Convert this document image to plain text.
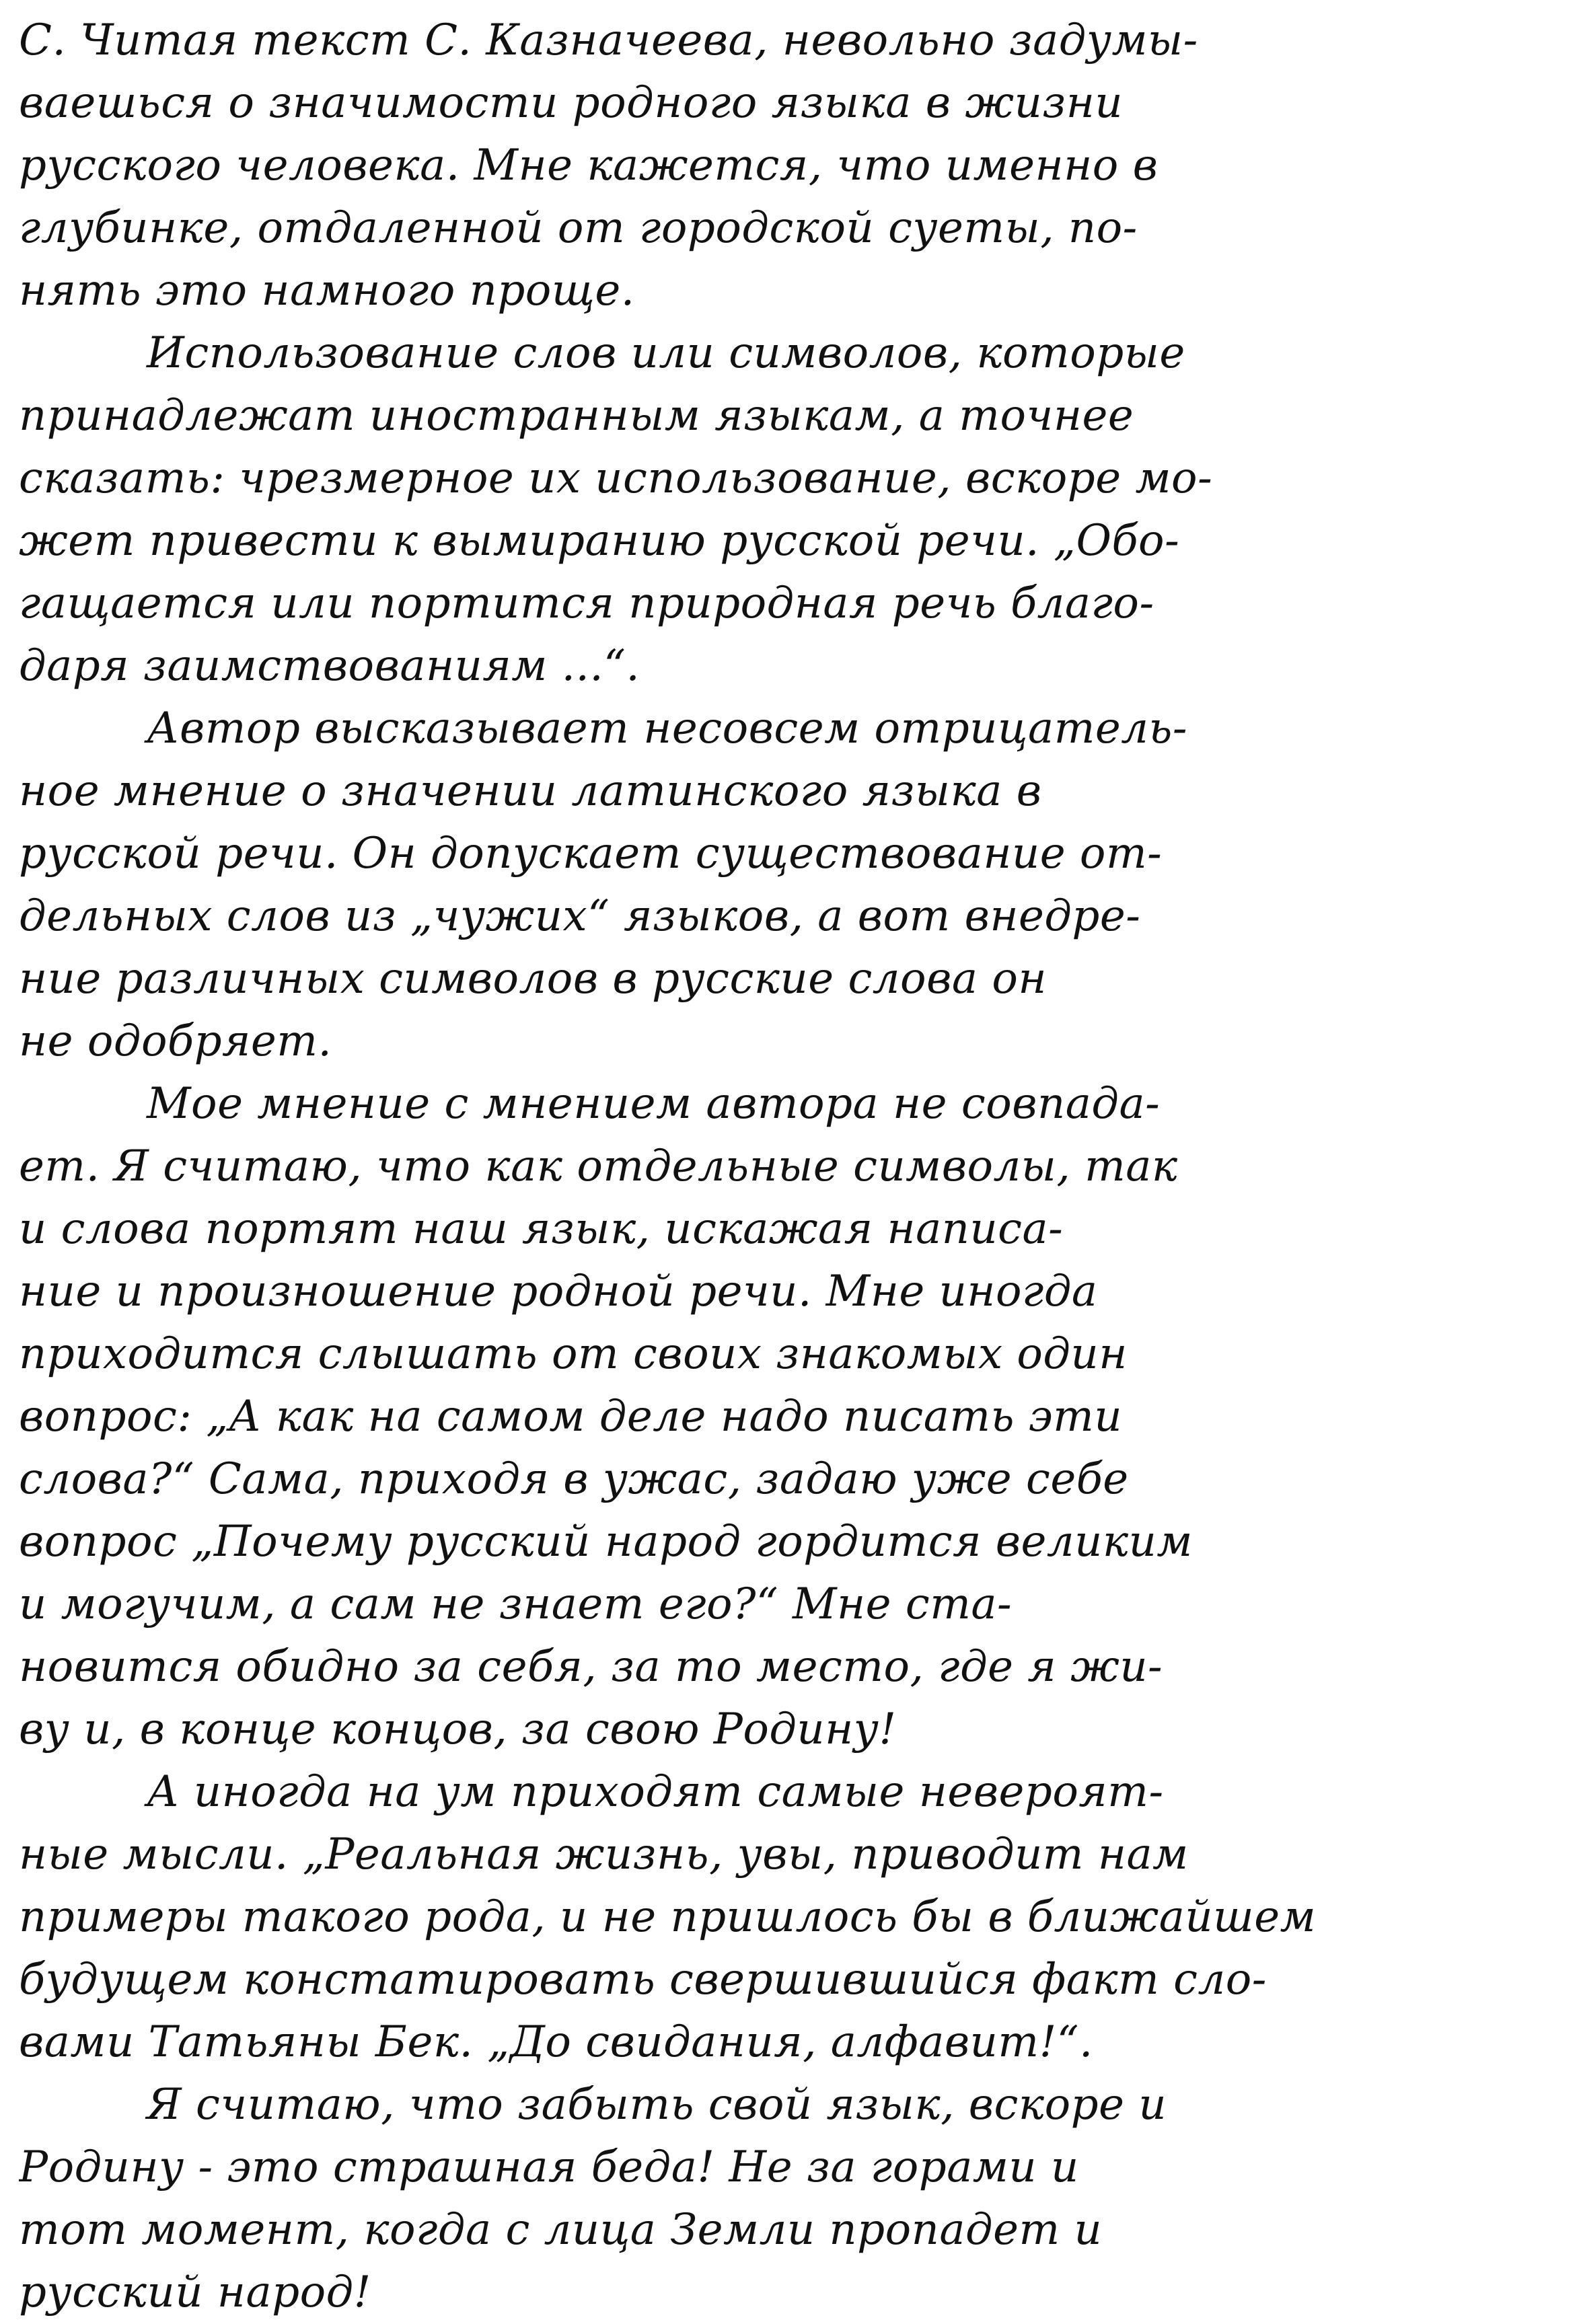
С. Читая текст С. Казначеева, невольно задумы-
ваешься о значимости родного языка в жизни
русского человека. Мне кажется, что именно в
глубинке, отдаленной от городской суеты, по-
нять это намного проще.
Использование слов или символов, которые
принадлежат иностранным языкам, а точнее
сказать: чрезмерное их использование, вскоре мо-
жет привести к вымиранию русской речи. „Обо-
гащается или портится природная речь благо-
даря заимствованиям ...“.
Автор высказывает несовсем отрицатель-
ное мнение о значении латинского языка в
русской речи. Он допускает существование от-
дельных слов из „чужих“ языков, а вот внедре-
ние различных символов в русские слова он
не одобряет.
Мое мнение с мнением автора не совпада-
ет. Я считаю, что как отдельные символы, так
и слова портят наш язык, искажая написа-
ние и произношение родной речи. Мне иногда
приходится слышать от своих знакомых один
вопрос: „А как на самом деле надо писать эти
слова?“ Сама, приходя в ужас, задаю уже себе
вопрос „Почему русский народ гордится великим
и могучим, а сам не знает его?“ Мне ста-
новится обидно за себя, за то место, где я жи-
ву и, в конце концов, за свою Родину!
А иногда на ум приходят самые невероят-
ные мысли. „Реальная жизнь, увы, приводит нам
примеры такого рода, и не пришлось бы в ближайшем
будущем констатировать свершившийся факт сло-
вами Татьяны Бек. „До свидания, алфавит!“.
Я считаю, что забыть свой язык, вскоре и
Родину - это страшная беда! Не за горами и
тот момент, когда с лица Земли пропадет и
русский народ!
